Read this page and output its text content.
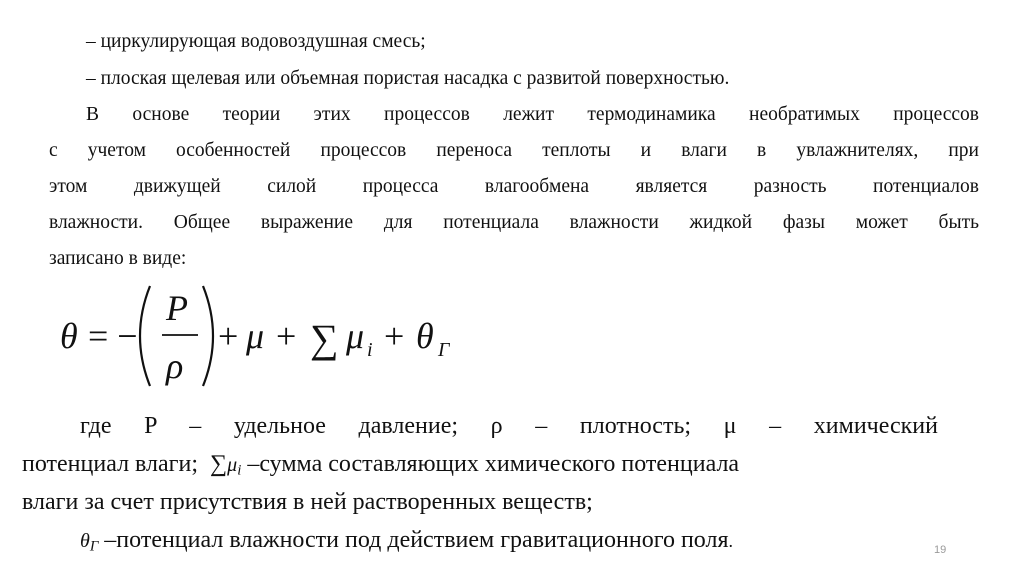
– циркулирующая водовоздушная смесь;
– плоская щелевая или объемная пористая насадка с развитой поверхностью.
В основе теории этих процессов лежит термодинамика необратимых процессов
с учетом особенностей процессов переноса теплоты и влаги в увлажнителях, при
этом движущей силой процесса влагообмена является разность потенциалов
влажности. Общее выражение для потенциала влажности жидкой фазы может быть
записано в виде:
θ = −
P
ρ
+ μ + ∑ μ i + θ Г
где P – удельное давление; ρ – плотность; μ – химический
потенциал влаги; $\sum\mu_i$ –сумма составляющих химического потенциала
влаги за счет присутствия в ней растворенных веществ;
$\theta_Г$ –потенциал влажности под действием гравитационного поля.	19
